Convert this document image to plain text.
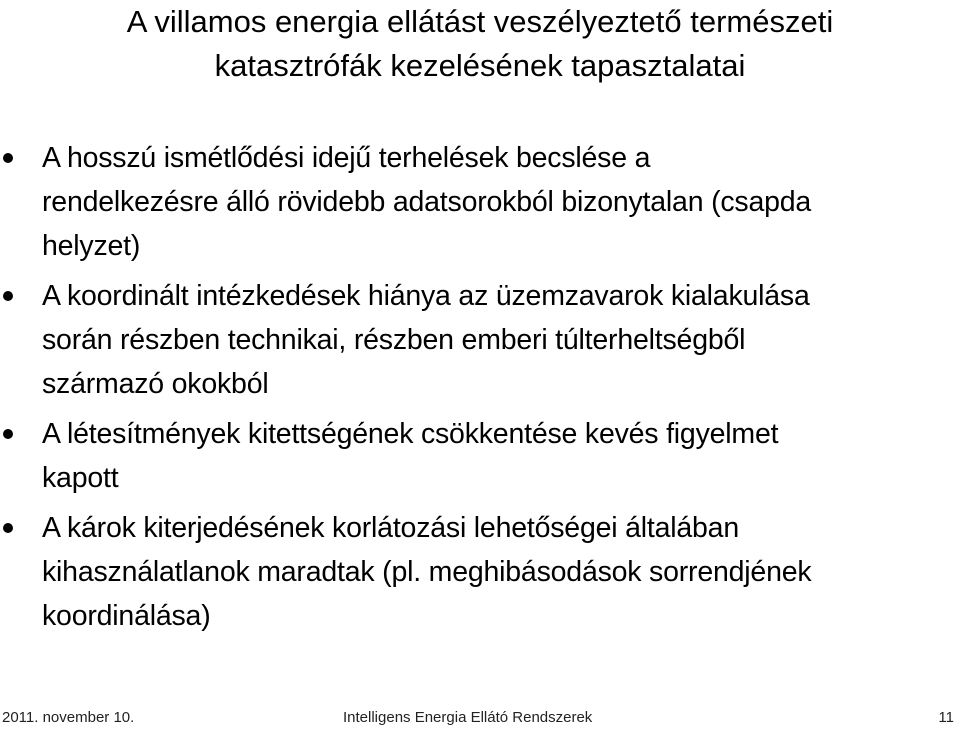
A villamos energia ellátást veszélyeztető természeti
katasztrófák kezelésének tapasztalatai
A hosszú ismétlődési idejű terhelések becslése a
rendelkezésre álló rövidebb adatsorokból bizonytalan (csapda
helyzet)
A koordinált intézkedések hiánya az üzemzavarok kialakulása
során részben technikai, részben emberi túlterheltségből
származó okokból
A létesítmények kitettségének csökkentése kevés figyelmet
kapott
A károk kiterjedésének korlátozási lehetőségei általában
kihasználatlanok maradtak (pl. meghibásodások sorrendjének
koordinálása)
2011. november 10.	Intelligens Energia Ellátó Rendszerek	11
